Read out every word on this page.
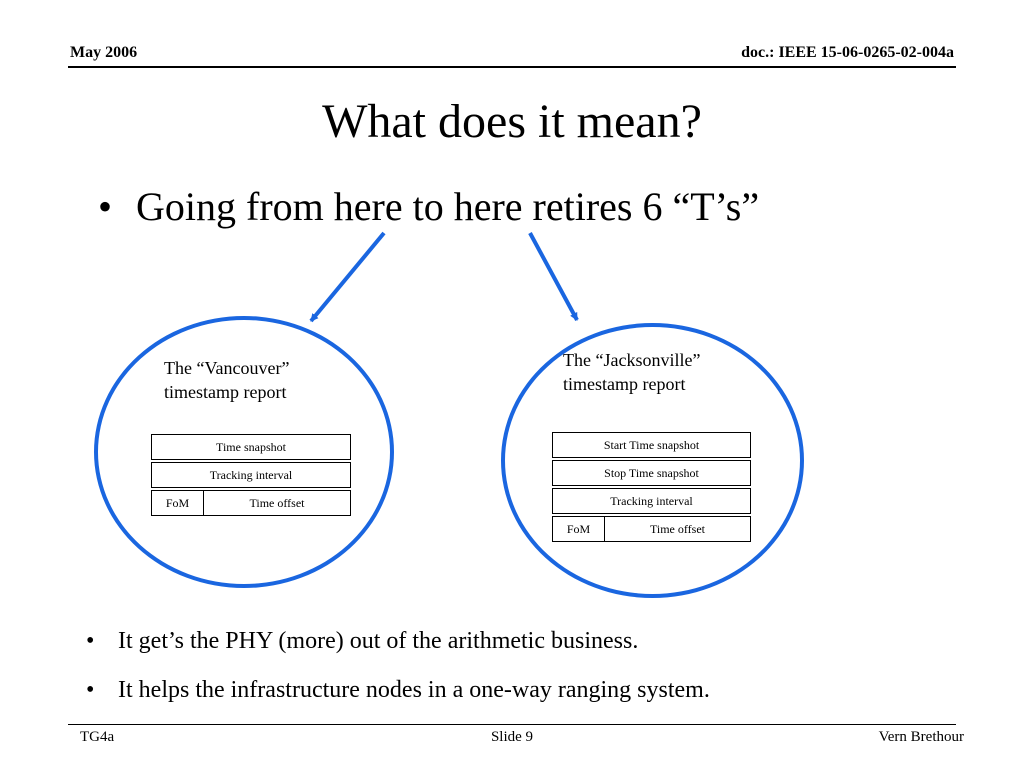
May 2006	doc.: IEEE 15-06-0265-02-004a
What does it mean?
• Going from here to here retires 6 “T’s”
The “Vancouver”
timestamp report
Time snapshot

Tracking interval

FoM	Time offset
The “Jacksonville”
timestamp report
Start Time snapshot

Stop Time snapshot

Tracking interval

FoM	Time offset
• It get’s the PHY (more) out of the arithmetic business.
• It helps the infrastructure nodes in a one-way ranging system.
TG4a	Slide 9	Vern Brethour
